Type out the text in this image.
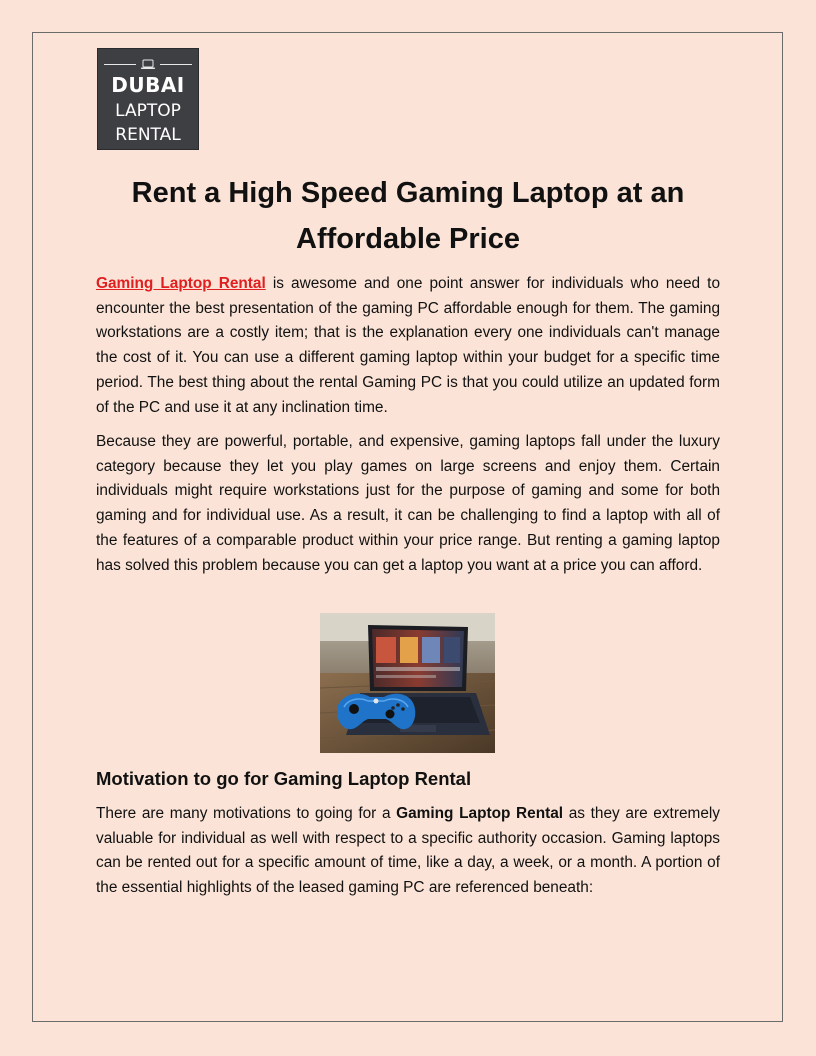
DUBAI
LAPTOP
RENTAL
Rent a High Speed Gaming Laptop at an Affordable Price

Gaming Laptop Rental is awesome and one point answer for individuals who need to encounter the best presentation of the gaming PC affordable enough for them. The gaming workstations are a costly item; that is the explanation every one individuals can't manage the cost of it. You can use a different gaming laptop within your budget for a specific time period. The best thing about the rental Gaming PC is that you could utilize an updated form of the PC and use it at any inclination time.

Because they are powerful, portable, and expensive, gaming laptops fall under the luxury category because they let you play games on large screens and enjoy them. Certain individuals might require workstations just for the purpose of gaming and some for both gaming and for individual use. As a result, it can be challenging to find a laptop with all of the features of a comparable product within your price range. But renting a gaming laptop has solved this problem because you can get a laptop you want at a price you can afford.

Motivation to go for Gaming Laptop Rental

There are many motivations to going for a Gaming Laptop Rental as they are extremely valuable for individual as well with respect to a specific authority occasion. Gaming laptops can be rented out for a specific amount of time, like a day, a week, or a month. A portion of the essential highlights of the leased gaming PC are referenced beneath:
